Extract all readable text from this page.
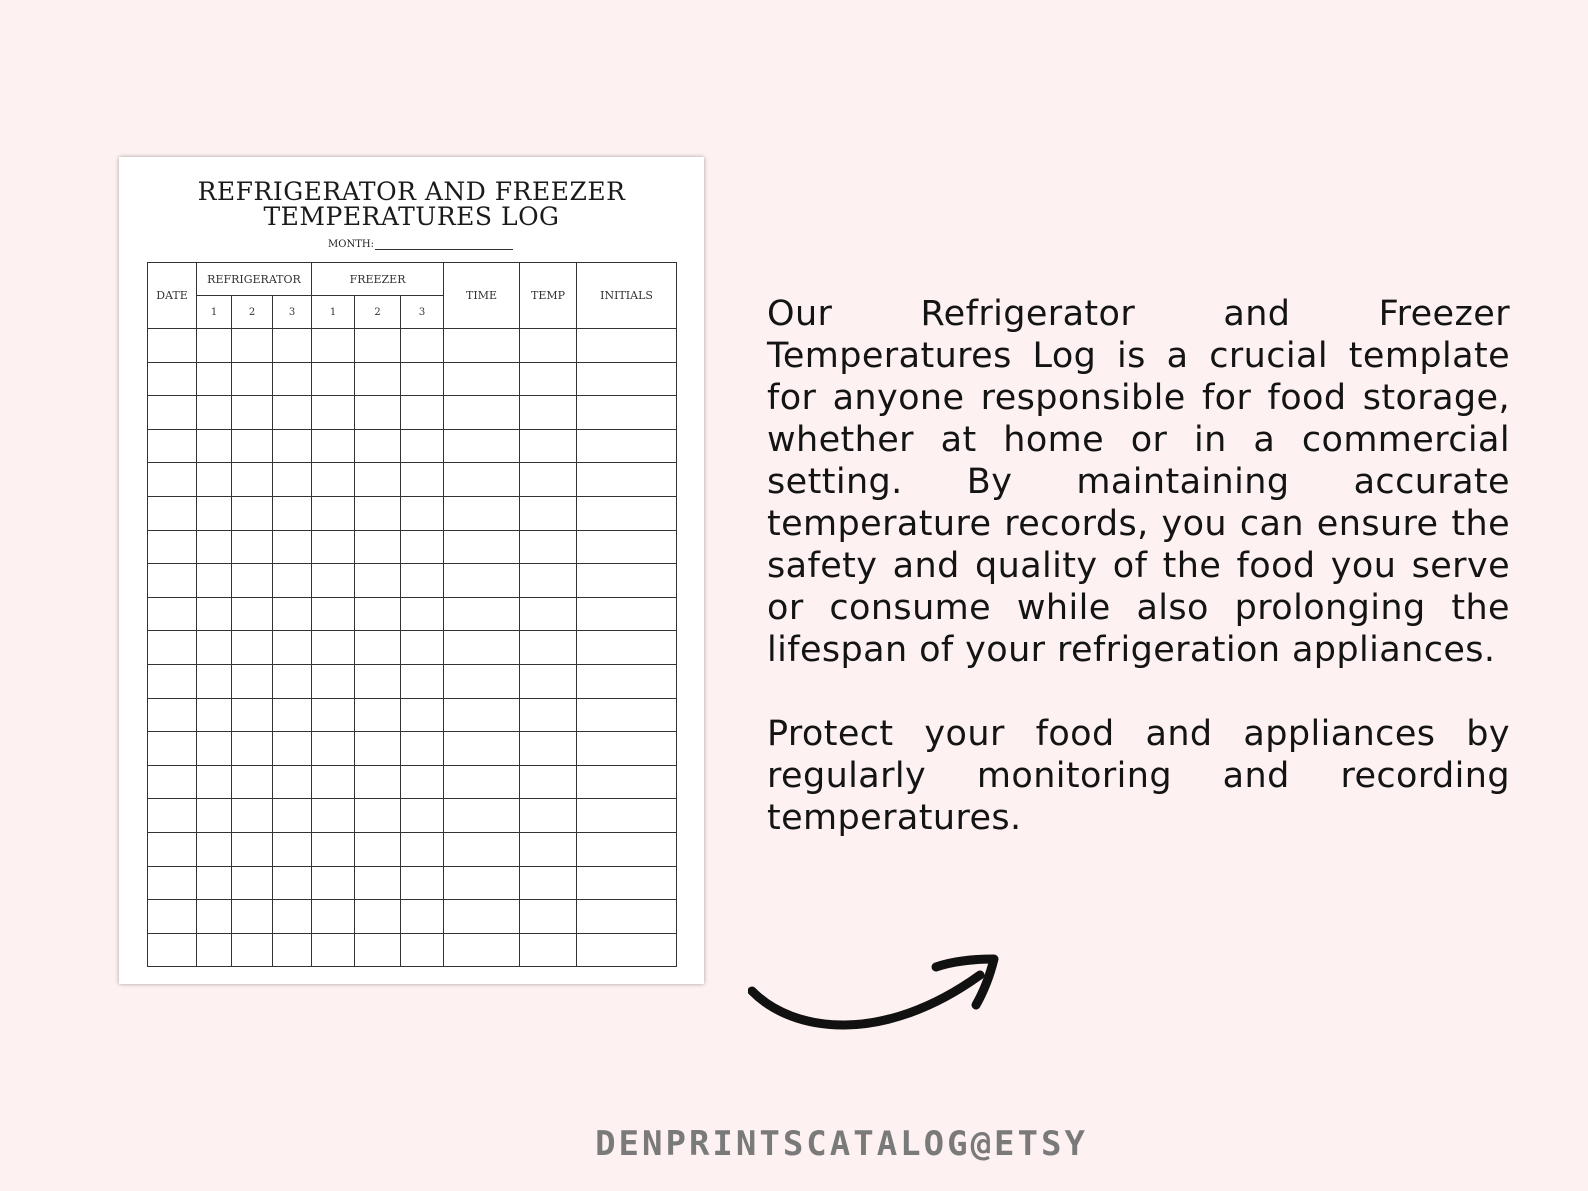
REFRIGERATOR AND FREEZER
TEMPERATURES LOG
MONTH:
DATE	REFRIGERATOR			FREEZER			TIME	TEMP	INITIALS
	1	2	3	1	2	3			

										Our Refrigerator and Freezer Temperatures Log is a crucial template for anyone responsible for food storage, whether at home or in a commercial setting. By maintaining accurate temperature records, you can ensure the safety and quality of the food you serve or consume while also prolonging the lifespan of your refrigeration appliances.

Protect your food and appliances by regularly monitoring and recording temperatures.

DENPRINTSCATALOG@ETSY
